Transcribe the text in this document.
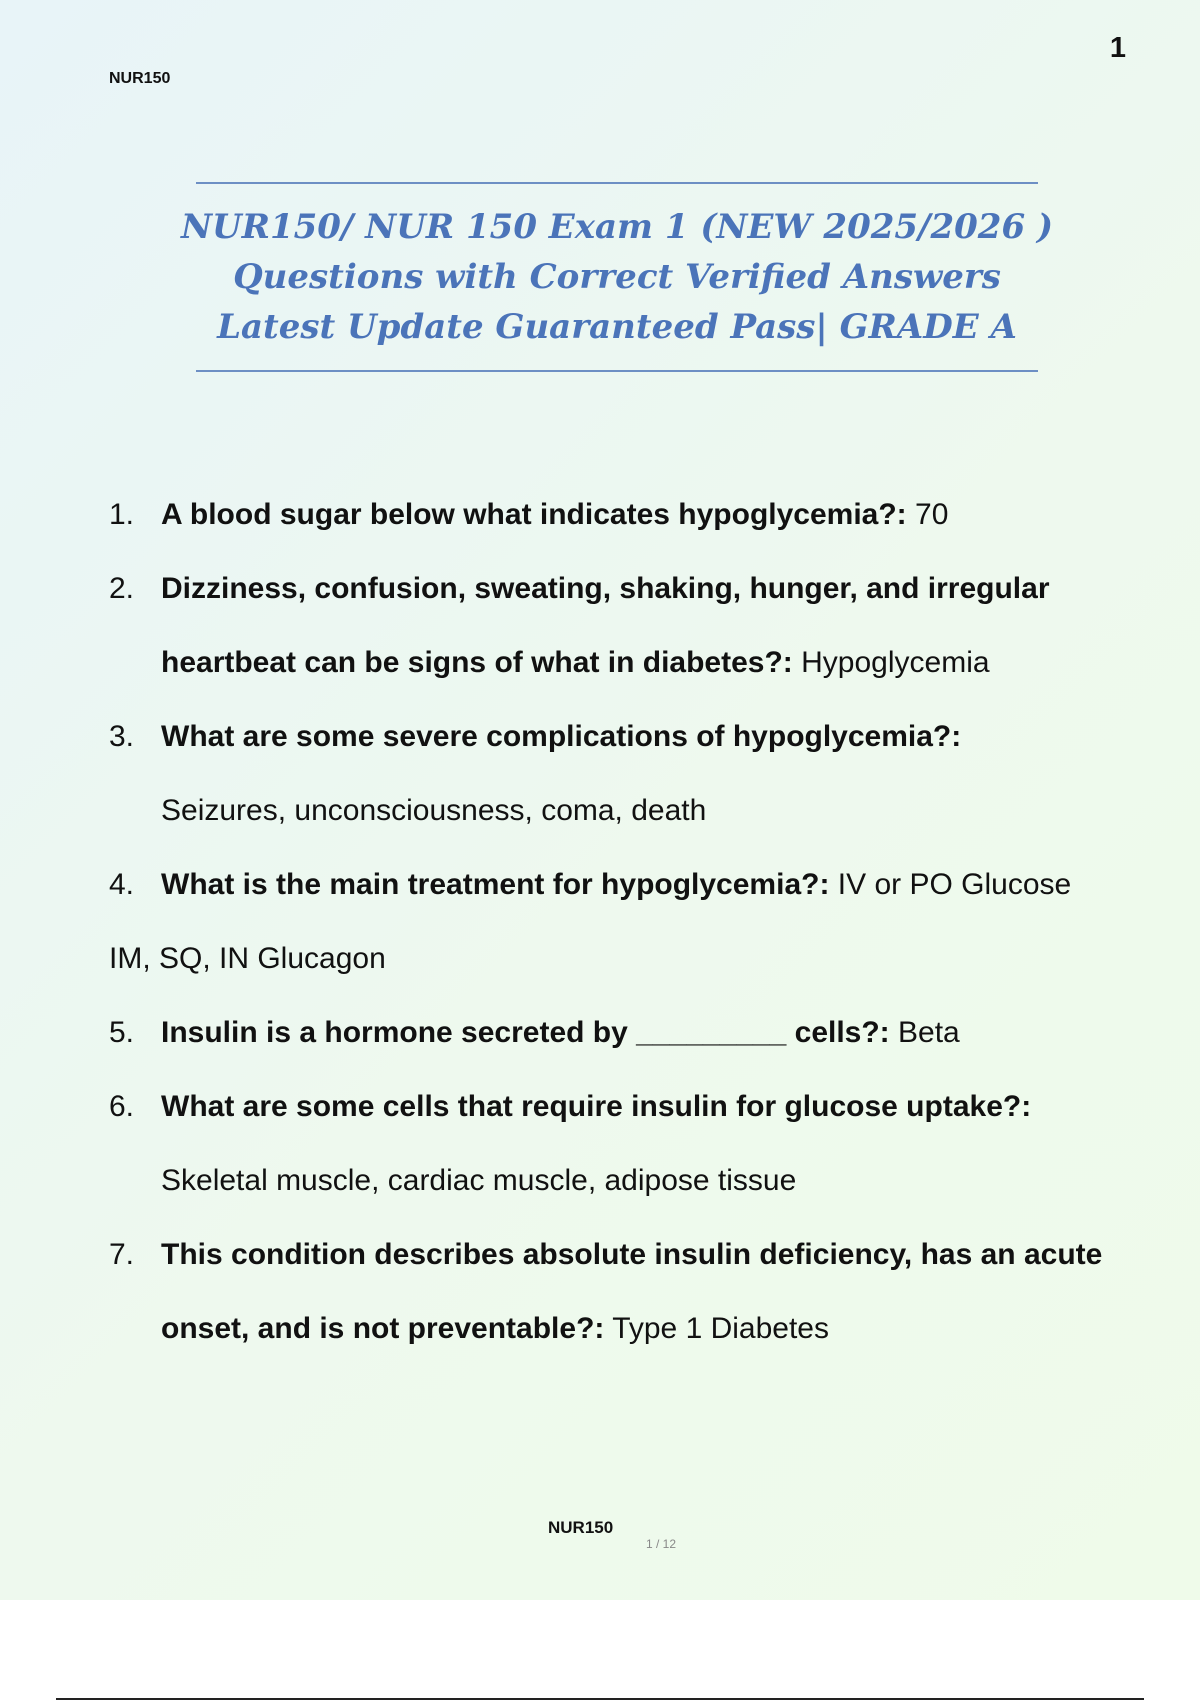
1
NUR150
NUR150/ NUR 150 Exam 1 (NEW 2025/2026 )
Questions with Correct Verified Answers
Latest Update Guaranteed Pass| GRADE A
1. A blood sugar below what indicates hypoglycemia?: 70
2. Dizziness, confusion, sweating, shaking, hunger, and irregular heartbeat can be signs of what in diabetes?: Hypoglycemia
3. What are some severe complications of hypoglycemia?:
Seizures, unconsciousness, coma, death
4. What is the main treatment for hypoglycemia?: IV or PO Glucose
IM, SQ, IN Glucagon
5. Insulin is a hormone secreted by _________ cells?: Beta
6. What are some cells that require insulin for glucose uptake?:
Skeletal muscle, cardiac muscle, adipose tissue
7. This condition describes absolute insulin deficiency, has an acute onset, and is not preventable?: Type 1 Diabetes
NUR150
1 / 12
